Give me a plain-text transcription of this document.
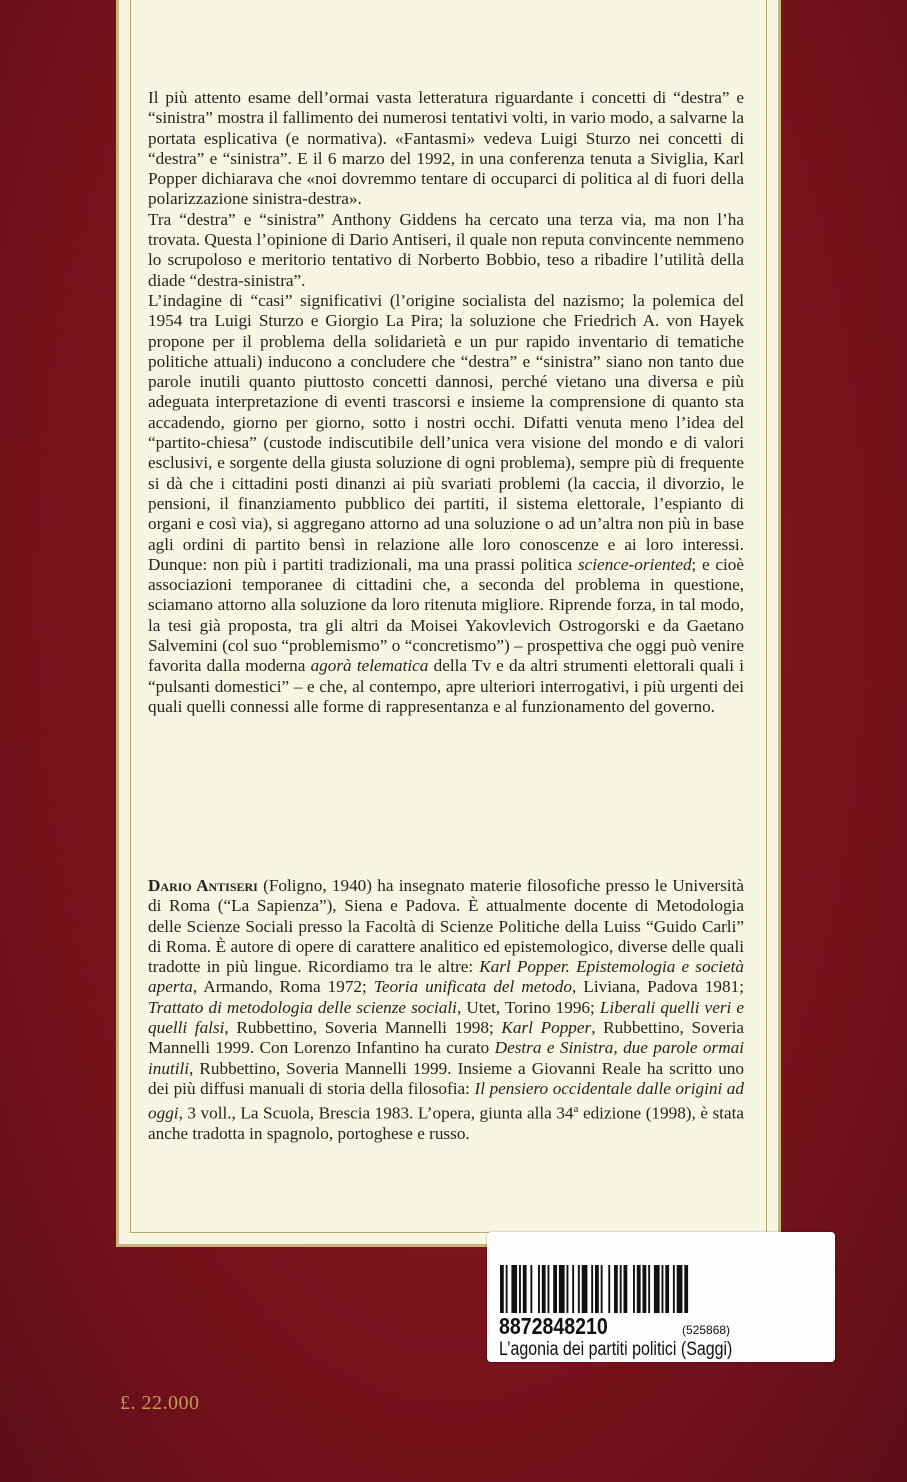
Il più attento esame dell’ormai vasta letteratura riguardante i concetti di “destra” e “sinistra” mostra il fallimento dei numerosi tentativi volti, in vario modo, a salvarne la portata esplicativa (e normativa). «Fantasmi» vedeva Luigi Sturzo nei concetti di “destra” e “sinistra”. E il 6 marzo del 1992, in una conferenza tenuta a Siviglia, Karl Popper dichiarava che «noi dovremmo tentare di occuparci di politica al di fuori della polarizzazione sinistra-destra».

Tra “destra” e “sinistra” Anthony Giddens ha cercato una terza via, ma non l’ha trovata. Questa l’opinione di Dario Antiseri, il quale non reputa convincente nemmeno lo scrupoloso e meritorio tentativo di Norberto Bobbio, teso a ribadire l’utilità della diade “destra-sinistra”.

L’indagine di “casi” significativi (l’origine socialista del nazismo; la polemica del 1954 tra Luigi Sturzo e Giorgio La Pira; la soluzione che Friedrich A. von Hayek propone per il problema della solidarietà e un pur rapido inventario di tematiche politiche attuali) inducono a concludere che “destra” e “sinistra” siano non tanto due parole inutili quanto piuttosto concetti dannosi, perché vietano una diversa e più adeguata interpretazione di eventi trascorsi e insieme la comprensione di quanto sta accadendo, giorno per giorno, sotto i nostri occhi. Difatti venuta meno l’idea del “partito-chiesa” (custode indiscutibile dell’unica vera visione del mondo e di valori esclusivi, e sorgente della giusta soluzione di ogni problema), sempre più di frequente si dà che i cittadini posti dinanzi ai più svariati problemi (la caccia, il divorzio, le pensioni, il finanziamento pubblico dei partiti, il sistema elettorale, l’espianto di organi e così via), si aggregano attorno ad una soluzione o ad un’altra non più in base agli ordini di partito bensì in relazione alle loro conoscenze e ai loro interessi. Dunque: non più i partiti tradizionali, ma una prassi politica science-oriented; e cioè associazioni temporanee di cittadini che, a seconda del problema in questione, sciamano attorno alla soluzione da loro ritenuta migliore. Riprende forza, in tal modo, la tesi già proposta, tra gli altri da Moisei Yakovlevich Ostrogorski e da Gaetano Salvemini (col suo “problemismo” o “concretismo”) – prospettiva che oggi può venire favorita dalla moderna agorà telematica della Tv e da altri strumenti elettorali quali i “pulsanti domestici” – e che, al contempo, apre ulteriori interrogativi, i più urgenti dei quali quelli connessi alle forme di rappresentanza e al funzionamento del governo.

Dario Antiseri (Foligno, 1940) ha insegnato materie filosofiche presso le Università di Roma (“La Sapienza”), Siena e Padova. È attualmente docente di Metodologia delle Scienze Sociali presso la Facoltà di Scienze Politiche della Luiss “Guido Carli” di Roma. È autore di opere di carattere analitico ed epistemologico, diverse delle quali tradotte in più lingue. Ricordiamo tra le altre: Karl Popper. Epistemologia e società aperta, Armando, Roma 1972; Teoria unificata del metodo, Liviana, Padova 1981; Trattato di metodologia delle scienze sociali, Utet, Torino 1996; Liberali quelli veri e quelli falsi, Rubbettino, Soveria Mannelli 1998; Karl Popper, Rubbettino, Soveria Mannelli 1999. Con Lorenzo Infantino ha curato Destra e Sinistra, due parole ormai inutili, Rubbettino, Soveria Mannelli 1999. Insieme a Giovanni Reale ha scritto uno dei più diffusi manuali di storia della filosofia: Il pensiero occidentale dalle origini ad oggi, 3 voll., La Scuola, Brescia 1983. L’opera, giunta alla 34$^a$ edizione (1998), è stata anche tradotta in spagnolo, portoghese e russo.
£. 22.000
8872848210	(525868)
L’agonia dei partiti politici (Saggi)
